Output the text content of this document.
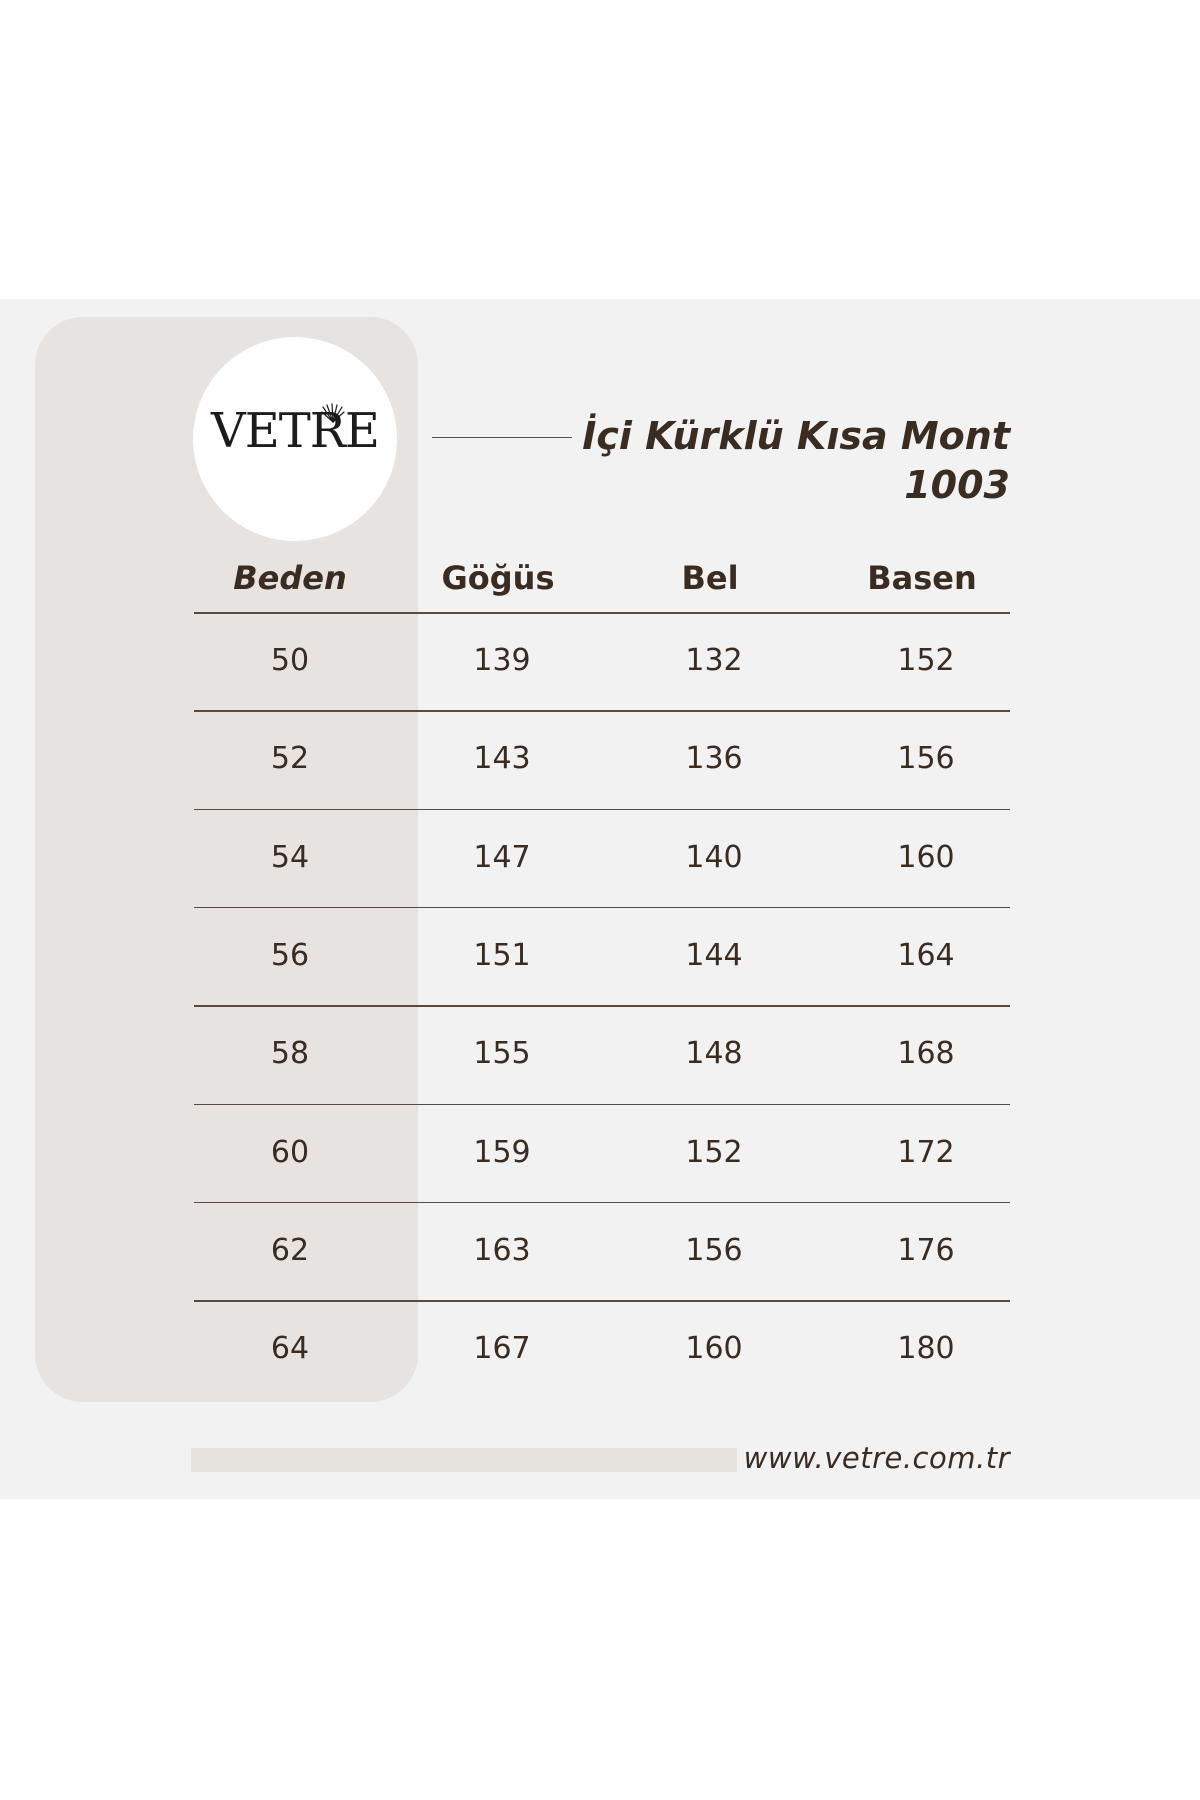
VETRE	İçi Kürklü Kısa Mont
1003
Beden	Göğüs	Bel	Basen
50	139	132	152
52	143	136	156
54	147	140	160
56	151	144	164
58	155	148	168
60	159	152	172
62	163	156	176
64	167	160	180
www.vetre.com.tr
